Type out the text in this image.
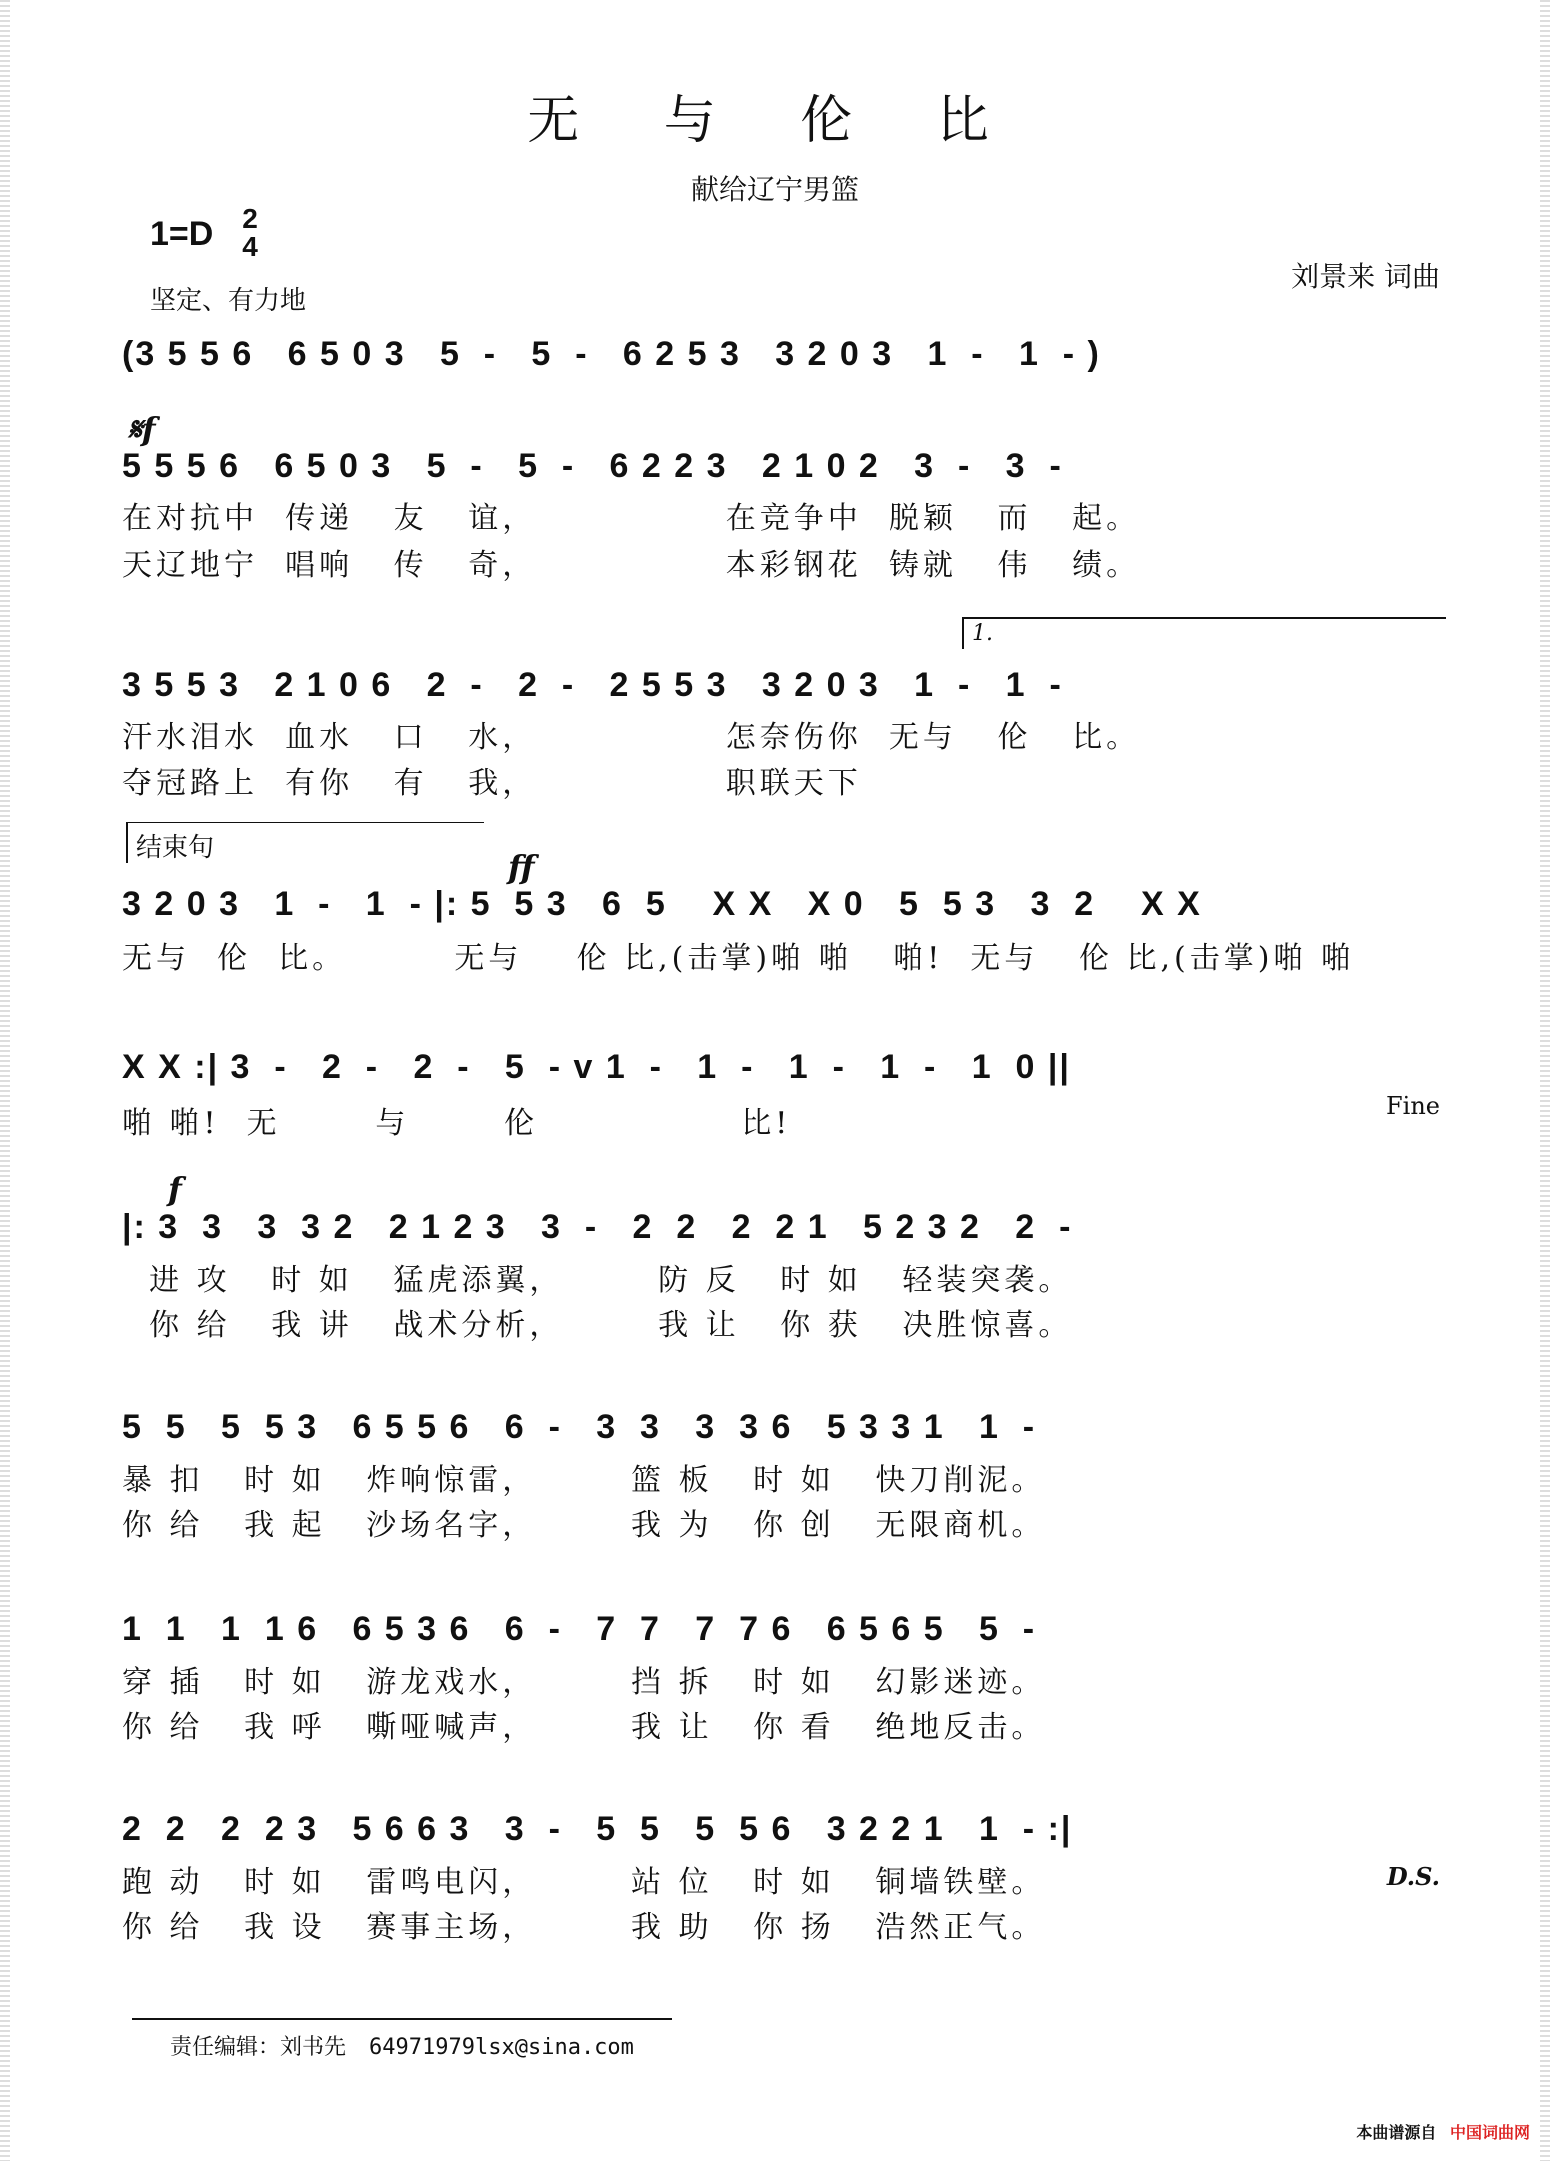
无 与 伦 比
献给辽宁男篮
1=D 2
4
坚定、有力地
刘景来 词曲
(3 5 5 6   6 5 0 3   5  -   5  -   6 2 5 3   3 2 0 3   1  -   1  - )
𝄋f
5 5 5 6   6 5 0 3   5  -   5  -   6 2 2 3   2 1 0 2   3  -   3  -
在对抗中  传递   友   谊，              在竞争中  脱颖   而   起。
天辽地宁  唱响   传   奇，              本彩钢花  铸就   伟   绩。
1.
3 5 5 3   2 1 0 6   2  -   2  -   2 5 5 3   3 2 0 3   1  -   1  -
汗水泪水  血水   口   水，              怎奈伤你  无与   伦   比。
夺冠路上  有你   有   我，              职联天下
结束句	ff
3 2 0 3   1  -   1  - |: 5  5 3   6  5    X X   X 0   5  5 3   3  2    X X
无与  伦  比。        无与    伦 比,(击掌)啪 啪   啪!  无与   伦 比,(击掌)啪 啪
X X :| 3  -   2  -   2  -   5  - v 1  -   1  -   1  -   1  -   1  0 ||
Fine
啪 啪!  无       与       伦               比!
f
|: 3  3   3  3 2   2 1 2 3   3  -   2  2   2  2 1   5 2 3 2   2  -
进 攻   时 如   猛虎添翼，       防 反   时 如   轻装突袭。
你 给   我 讲   战术分析，       我 让   你 获   决胜惊喜。
5  5   5  5 3   6 5 5 6   6  -   3  3   3  3 6   5 3 3 1   1  -
暴 扣   时 如   炸响惊雷，       篮 板   时 如   快刀削泥。
你 给   我 起   沙场名字，       我 为   你 创   无限商机。
1  1   1  1 6   6 5 3 6   6  -   7  7   7  7 6   6 5 6 5   5  -
穿 插   时 如   游龙戏水，       挡 拆   时 如   幻影迷迹。
你 给   我 呼   嘶哑喊声，       我 让   你 看   绝地反击。
2  2   2  2 3   5 6 6 3   3  -   5  5   5  5 6   3 2 2 1   1  - :|
D.S.
跑 动   时 如   雷鸣电闪，       站 位   时 如   铜墙铁壁。
你 给   我 设   赛事主场，       我 助   你 扬   浩然正气。
责任编辑：刘书先 64971979lsx@sina.com
本曲谱源自 中国词曲网
